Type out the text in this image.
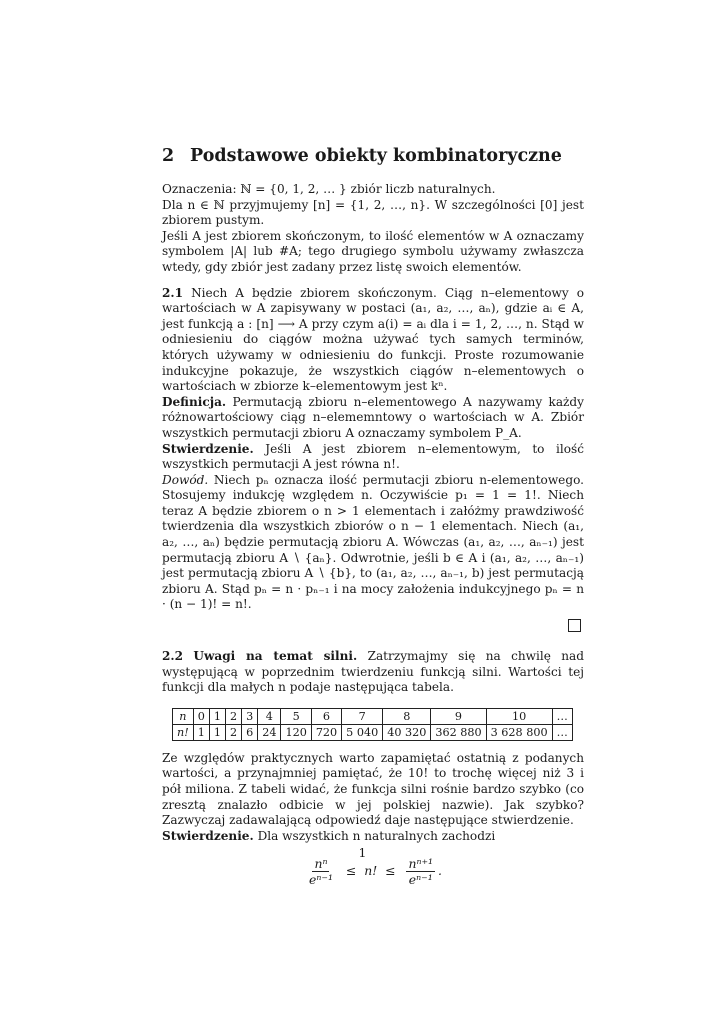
2 Podstawowe obiekty kombinatoryczne

Oznaczenia: ℕ = {0, 1, 2, … } zbiór liczb naturalnych.

Dla n ∈ ℕ przyjmujemy [n] = {1, 2, …, n}. W szczególności [0] jest zbiorem pustym.

Jeśli A jest zbiorem skończonym, to ilość elementów w A oznaczamy symbolem |A| lub #A; tego drugiego symbolu używamy zwłaszcza wtedy, gdy zbiór jest zadany przez listę swoich elementów.

2.1 Niech A będzie zbiorem skończonym. Ciąg n–elementowy o wartościach w A zapisywany w postaci (a₁, a₂, …, aₙ), gdzie aᵢ ∈ A, jest funkcją a : [n] ⟶ A przy czym a(i) = aᵢ dla i = 1, 2, …, n. Stąd w odniesieniu do ciągów można używać tych samych terminów, których używamy w odniesieniu do funkcji. Proste rozumowanie indukcyjne pokazuje, że wszystkich ciągów n–elementowych o wartościach w zbiorze k–elementowym jest kⁿ.

Definicja. Permutacją zbioru n–elementowego A nazywamy każdy różnowartościowy ciąg n–elememntowy o wartościach w A. Zbiór wszystkich permutacji zbioru A oznaczamy symbolem P_A.

Stwierdzenie. Jeśli A jest zbiorem n–elementowym, to ilość wszystkich permutacji A jest równa n!.

Dowód. Niech pₙ oznacza ilość permutacji zbioru n-elementowego. Stosujemy indukcję względem n. Oczywiście p₁ = 1 = 1!. Niech teraz A będzie zbiorem o n > 1 elementach i załóżmy prawdziwość twierdzenia dla wszystkich zbiorów o n − 1 elementach. Niech (a₁, a₂, …, aₙ) będzie permutacją zbioru A. Wówczas (a₁, a₂, …, aₙ₋₁) jest permutacją zbioru A ∖ {aₙ}. Odwrotnie, jeśli b ∈ A i (a₁, a₂, …, aₙ₋₁) jest permutacją zbioru A ∖ {b}, to (a₁, a₂, …, aₙ₋₁, b) jest permutacją zbioru A. Stąd pₙ = n · pₙ₋₁ i na mocy założenia indukcyjnego pₙ = n · (n − 1)! = n!.

2.2 Uwagi na temat silni. Zatrzymajmy się na chwilę nad występującą w poprzednim twierdzeniu funkcją silni. Wartości tej funkcji dla małych n podaje następująca tabela.

n	0	1	2	3	4	5	6	7	8	9	10	…
n!	1	1	2	6	24	120	720	5 040	40 320	362 880	3 628 800	…

Ze względów praktycznych warto zapamiętać ostatnią z podanych wartości, a przynajmniej pamiętać, że 10! to trochę więcej niż 3 i pół miliona. Z tabeli widać, że funkcja silni rośnie bardzo szybko (co zresztą znalazło odbicie w jej polskiej nazwie). Jak szybko? Zazwyczaj zadawalającą odpowiedź daje następujące stwierdzenie.

Stwierdzenie. Dla wszystkich n naturalnych zachodzi

$\frac{\text{nⁿ}}{\text{eⁿ⁻¹}} \le n$! ≤ $\frac{\text{nⁿ⁺¹}}{\text{eⁿ⁻¹}}$ .
1
